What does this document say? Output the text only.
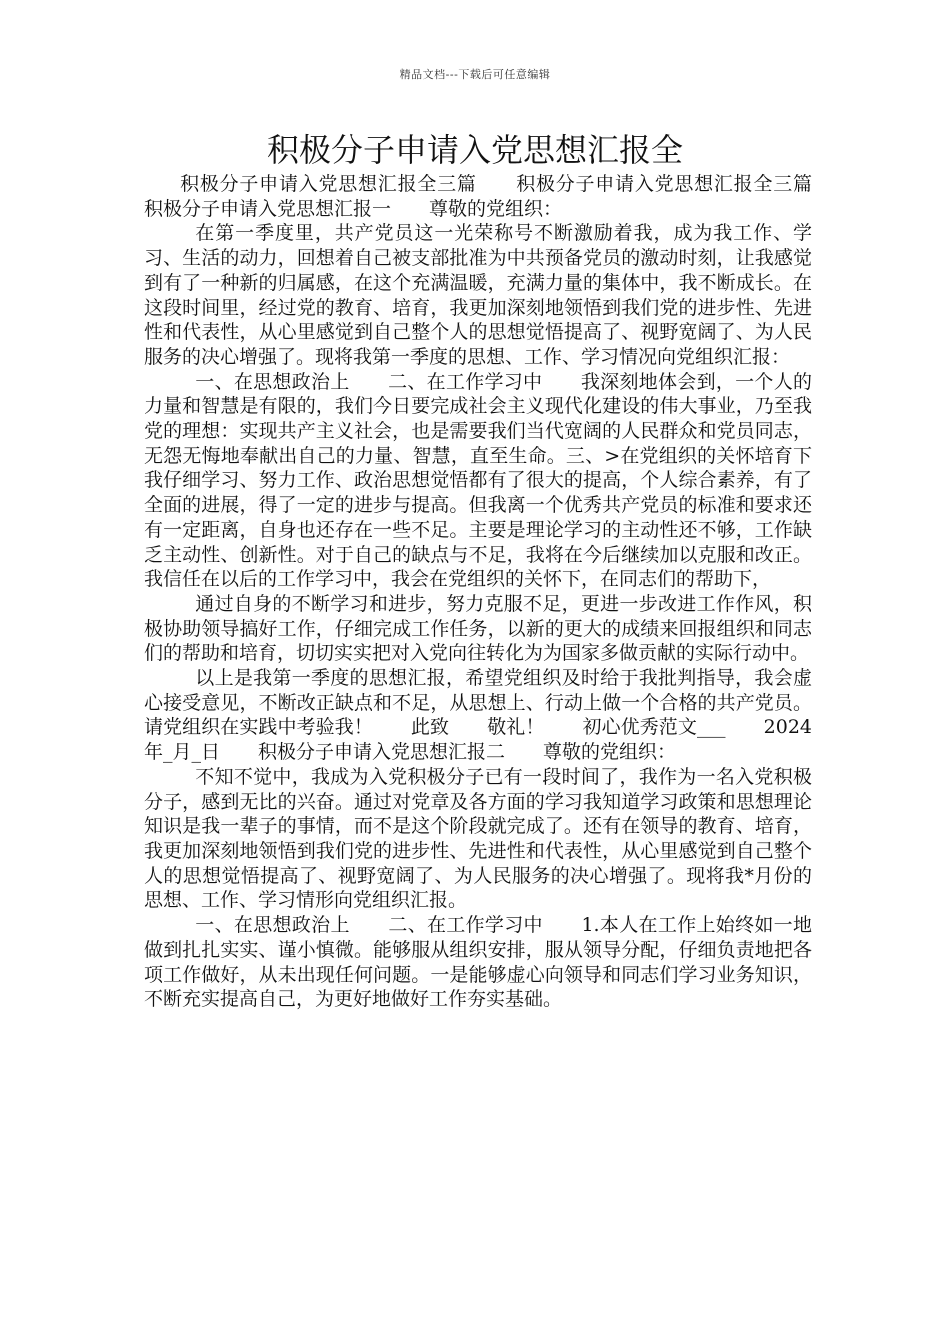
精品文档---下载后可任意编辑
积极分子申请入党思想汇报全

积极分子申请入党思想汇报全三篇　　积极分子申请入党思想汇报全三篇　积极分子申请入党思想汇报一　　尊敬的党组织：

在第一季度里，共产党员这一光荣称号不断激励着我，成为我工作、学习、生活的动力，回想着自己被支部批准为中共预备党员的激动时刻，让我感觉到有了一种新的归属感，在这个充满温暖，充满力量的集体中，我不断成长。在这段时间里，经过党的教育、培育，我更加深刻地领悟到我们党的进步性、先进性和代表性，从心里感觉到自己整个人的思想觉悟提高了、视野宽阔了、为人民服务的决心增强了。现将我第一季度的思想、工作、学习情况向党组织汇报：

一、在思想政治上　　二、在工作学习中　　我深刻地体会到，一个人的力量和智慧是有限的，我们今日要完成社会主义现代化建设的伟大事业，乃至我党的理想：实现共产主义社会，也是需要我们当代宽阔的人民群众和党员同志，无怨无悔地奉献出自己的力量、智慧，直至生命。三、>在党组织的关怀培育下　　我仔细学习、努力工作、政治思想觉悟都有了很大的提高，个人综合素养，有了全面的进展，得了一定的进步与提高。但我离一个优秀共产党员的标准和要求还有一定距离，自身也还存在一些不足。主要是理论学习的主动性还不够，工作缺乏主动性、创新性。对于自己的缺点与不足，我将在今后继续加以克服和改正。我信任在以后的工作学习中，我会在党组织的关怀下，在同志们的帮助下，

通过自身的不断学习和进步，努力克服不足，更进一步改进工作作风，积极协助领导搞好工作，仔细完成工作任务，以新的更大的成绩来回报组织和同志们的帮助和培育，切切实实把对入党向往转化为为国家多做贡献的实际行动中。

以上是我第一季度的思想汇报，希望党组织及时给于我批判指导，我会虚心接受意见，不断改正缺点和不足，从思想上、行动上做一个合格的共产党员。请党组织在实践中考验我！　　此致　　敬礼！　　初心优秀范文___　　2024 年_月_日　　积极分子申请入党思想汇报二　　尊敬的党组织：

不知不觉中，我成为入党积极分子已有一段时间了，我作为一名入党积极分子，感到无比的兴奋。通过对党章及各方面的学习我知道学习政策和思想理论知识是我一辈子的事情，而不是这个阶段就完成了。还有在领导的教育、培育，我更加深刻地领悟到我们党的进步性、先进性和代表性，从心里感觉到自己整个人的思想觉悟提高了、视野宽阔了、为人民服务的决心增强了。现将我*月份的思想、工作、学习情形向党组织汇报。

一、在思想政治上　　二、在工作学习中　　1.本人在工作上始终如一地做到扎扎实实、谨小慎微。能够服从组织安排，服从领导分配，仔细负责地把各项工作做好，从未出现任何问题。一是能够虚心向领导和同志们学习业务知识，不断充实提高自己，为更好地做好工作夯实基础。
